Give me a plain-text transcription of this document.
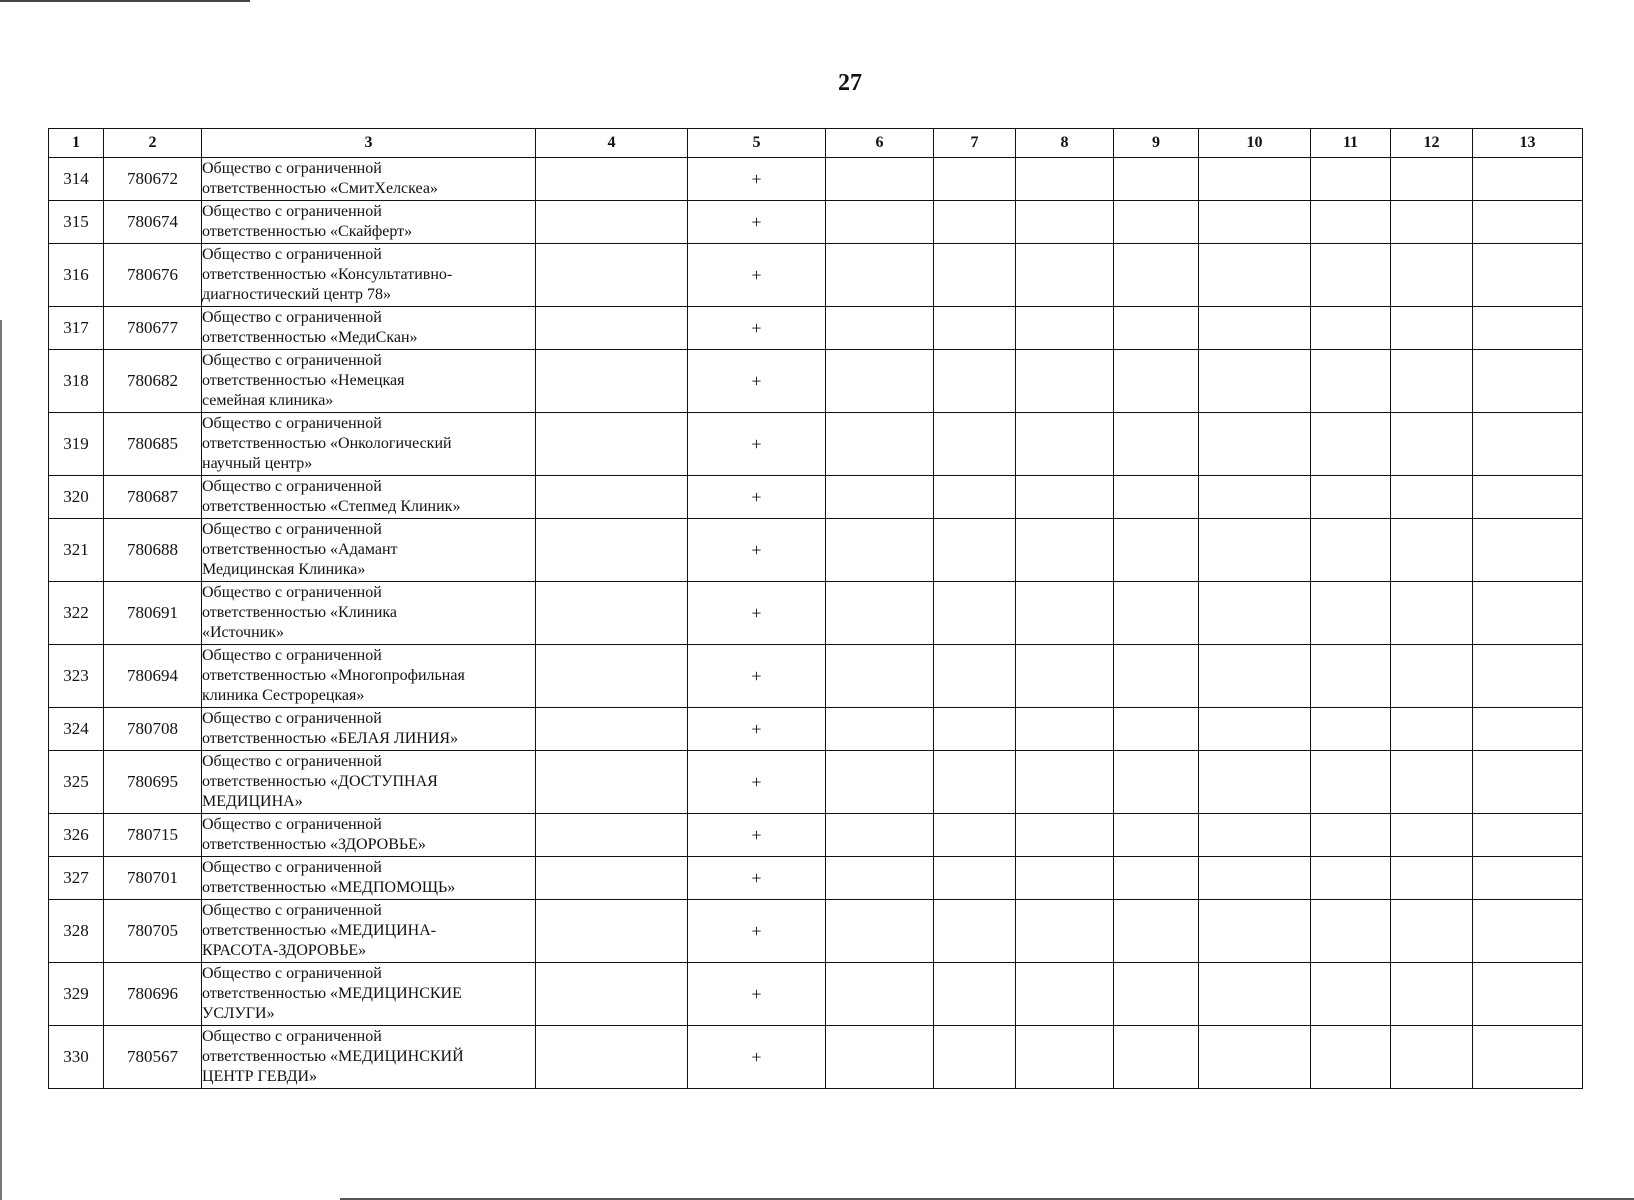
27
1	2	3	4	5	6	7	8	9	10	11	12	13
314	780672	Общество с ограниченной
ответственностью «СмитХелскеа»		+								
315	780674	Общество с ограниченной
ответственностью «Скайферт»		+								
316	780676	Общество с ограниченной
ответственностью «Консультативно-
диагностический центр 78»		+								
317	780677	Общество с ограниченной
ответственностью «МедиСкан»		+								
318	780682	Общество с ограниченной
ответственностью «Немецкая
семейная клиника»		+								
319	780685	Общество с ограниченной
ответственностью «Онкологический
научный центр»		+								
320	780687	Общество с ограниченной
ответственностью «Степмед Клиник»		+								
321	780688	Общество с ограниченной
ответственностью «Адамант
Медицинская Клиника»		+								
322	780691	Общество с ограниченной
ответственностью «Клиника
«Источник»		+								
323	780694	Общество с ограниченной
ответственностью «Многопрофильная
клиника Сестрорецкая»		+								
324	780708	Общество с ограниченной
ответственностью «БЕЛАЯ ЛИНИЯ»		+								
325	780695	Общество с ограниченной
ответственностью «ДОСТУПНАЯ
МЕДИЦИНА»		+								
326	780715	Общество с ограниченной
ответственностью «ЗДОРОВЬЕ»		+								
327	780701	Общество с ограниченной
ответственностью «МЕДПОМОЩЬ»		+								
328	780705	Общество с ограниченной
ответственностью «МЕДИЦИНА-
КРАСОТА-ЗДОРОВЬЕ»		+								
329	780696	Общество с ограниченной
ответственностью «МЕДИЦИНСКИЕ
УСЛУГИ»		+								
330	780567	Общество с ограниченной
ответственностью «МЕДИЦИНСКИЙ
ЦЕНТР ГЕВДИ»		+								
